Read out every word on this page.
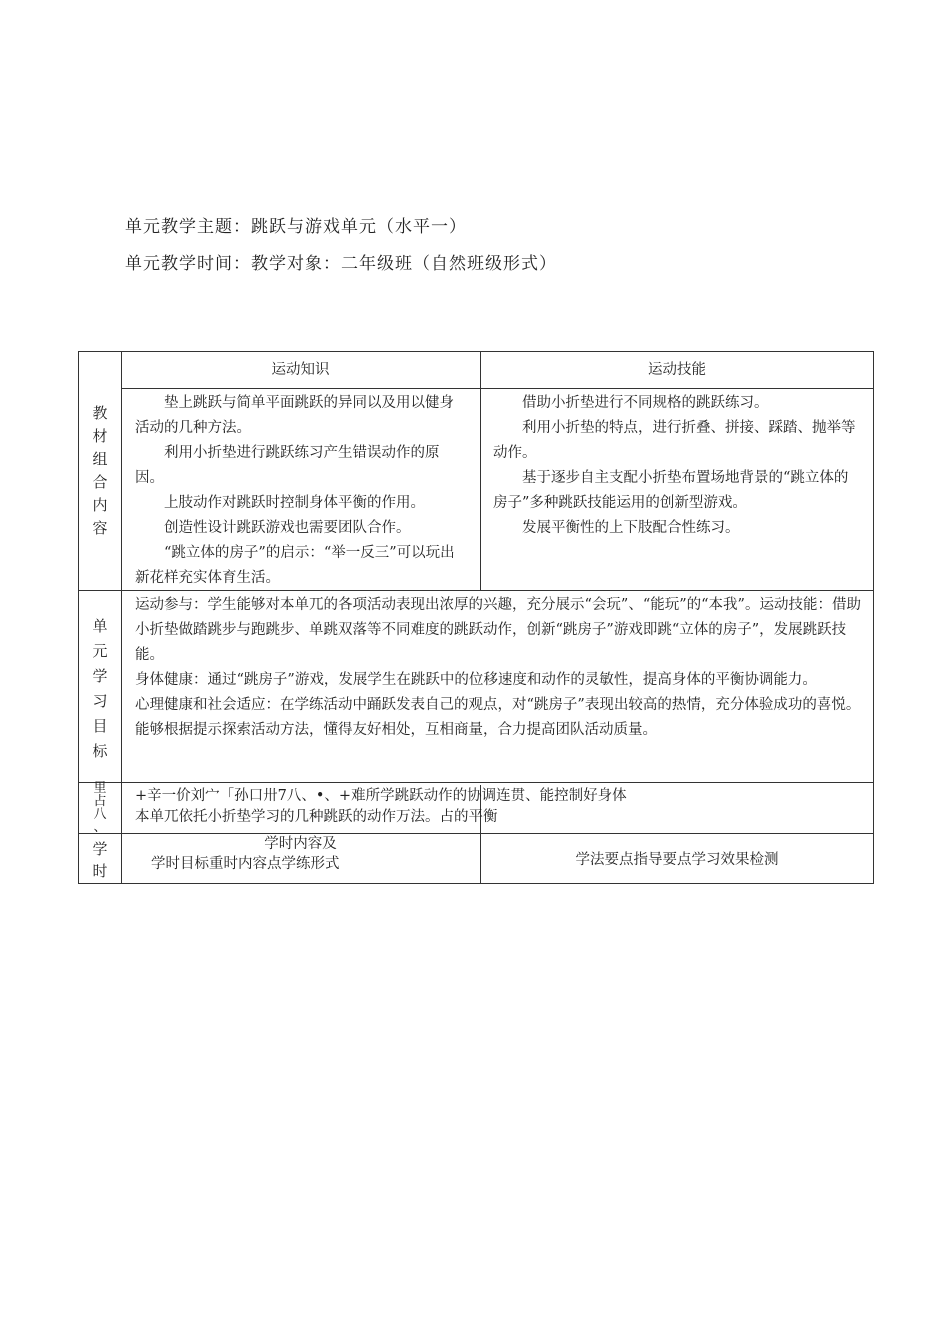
单元教学主题：跳跃与游戏单元（水平一）
单元教学时间：教学对象：二年级班（自然班级形式）
教
材
组
合
内
容
运动知识	运动技能

垫上跳跃与简单平面跳跃的异同以及用以健身活动的几种方法。

利用小折垫进行跳跃练习产生错误动作的原因。

上肢动作对跳跃时控制身体平衡的作用。

创造性设计跳跃游戏也需要团队合作。

“跳立体的房子”的启示：“举一反三”可以玩出新花样充实体育生活。

借助小折垫进行不同规格的跳跃练习。

利用小折垫的特点，进行折叠、拼接、踩踏、抛举等动作。

基于逐步自主支配小折垫布置场地背景的“跳立体的房子”多种跳跃技能运用的创新型游戏。

发展平衡性的上下肢配合性练习。

单
元
学
习
目
标

运动参与：学生能够对本单兀的各项活动表现出浓厚的兴趣，充分展示“会玩”、“能玩”的“本我”。运动技能：借助小折垫做踏跳步与跑跳步、单跳双落等不同难度的跳跃动作，创新“跳房子”游戏即跳“立体的房子”，发展跳跃技能。

身体健康：通过“跳房子”游戏，发展学生在跳跃中的位移速度和动作的灵敏性，提高身体的平衡协调能力。

心理健康和社会适应：在学练活动中踊跃发表自己的观点，对“跳房子”表现出较高的热情，充分体验成功的喜悦。能够根据提示探索活动方法，懂得友好相处，互相商量，合力提高团队活动质量。

里
占
八
、
+辛一价刘宀「孙口卅7八、•、+难所学跳跃动作的协调连贯、能控制好身体
本单兀依托小折垫学习的几种跳跃的动作万法。占的平衡
学
时
学时内容及
学时目标重时内容点学练形式	学法要点指导要点学习效果检测
